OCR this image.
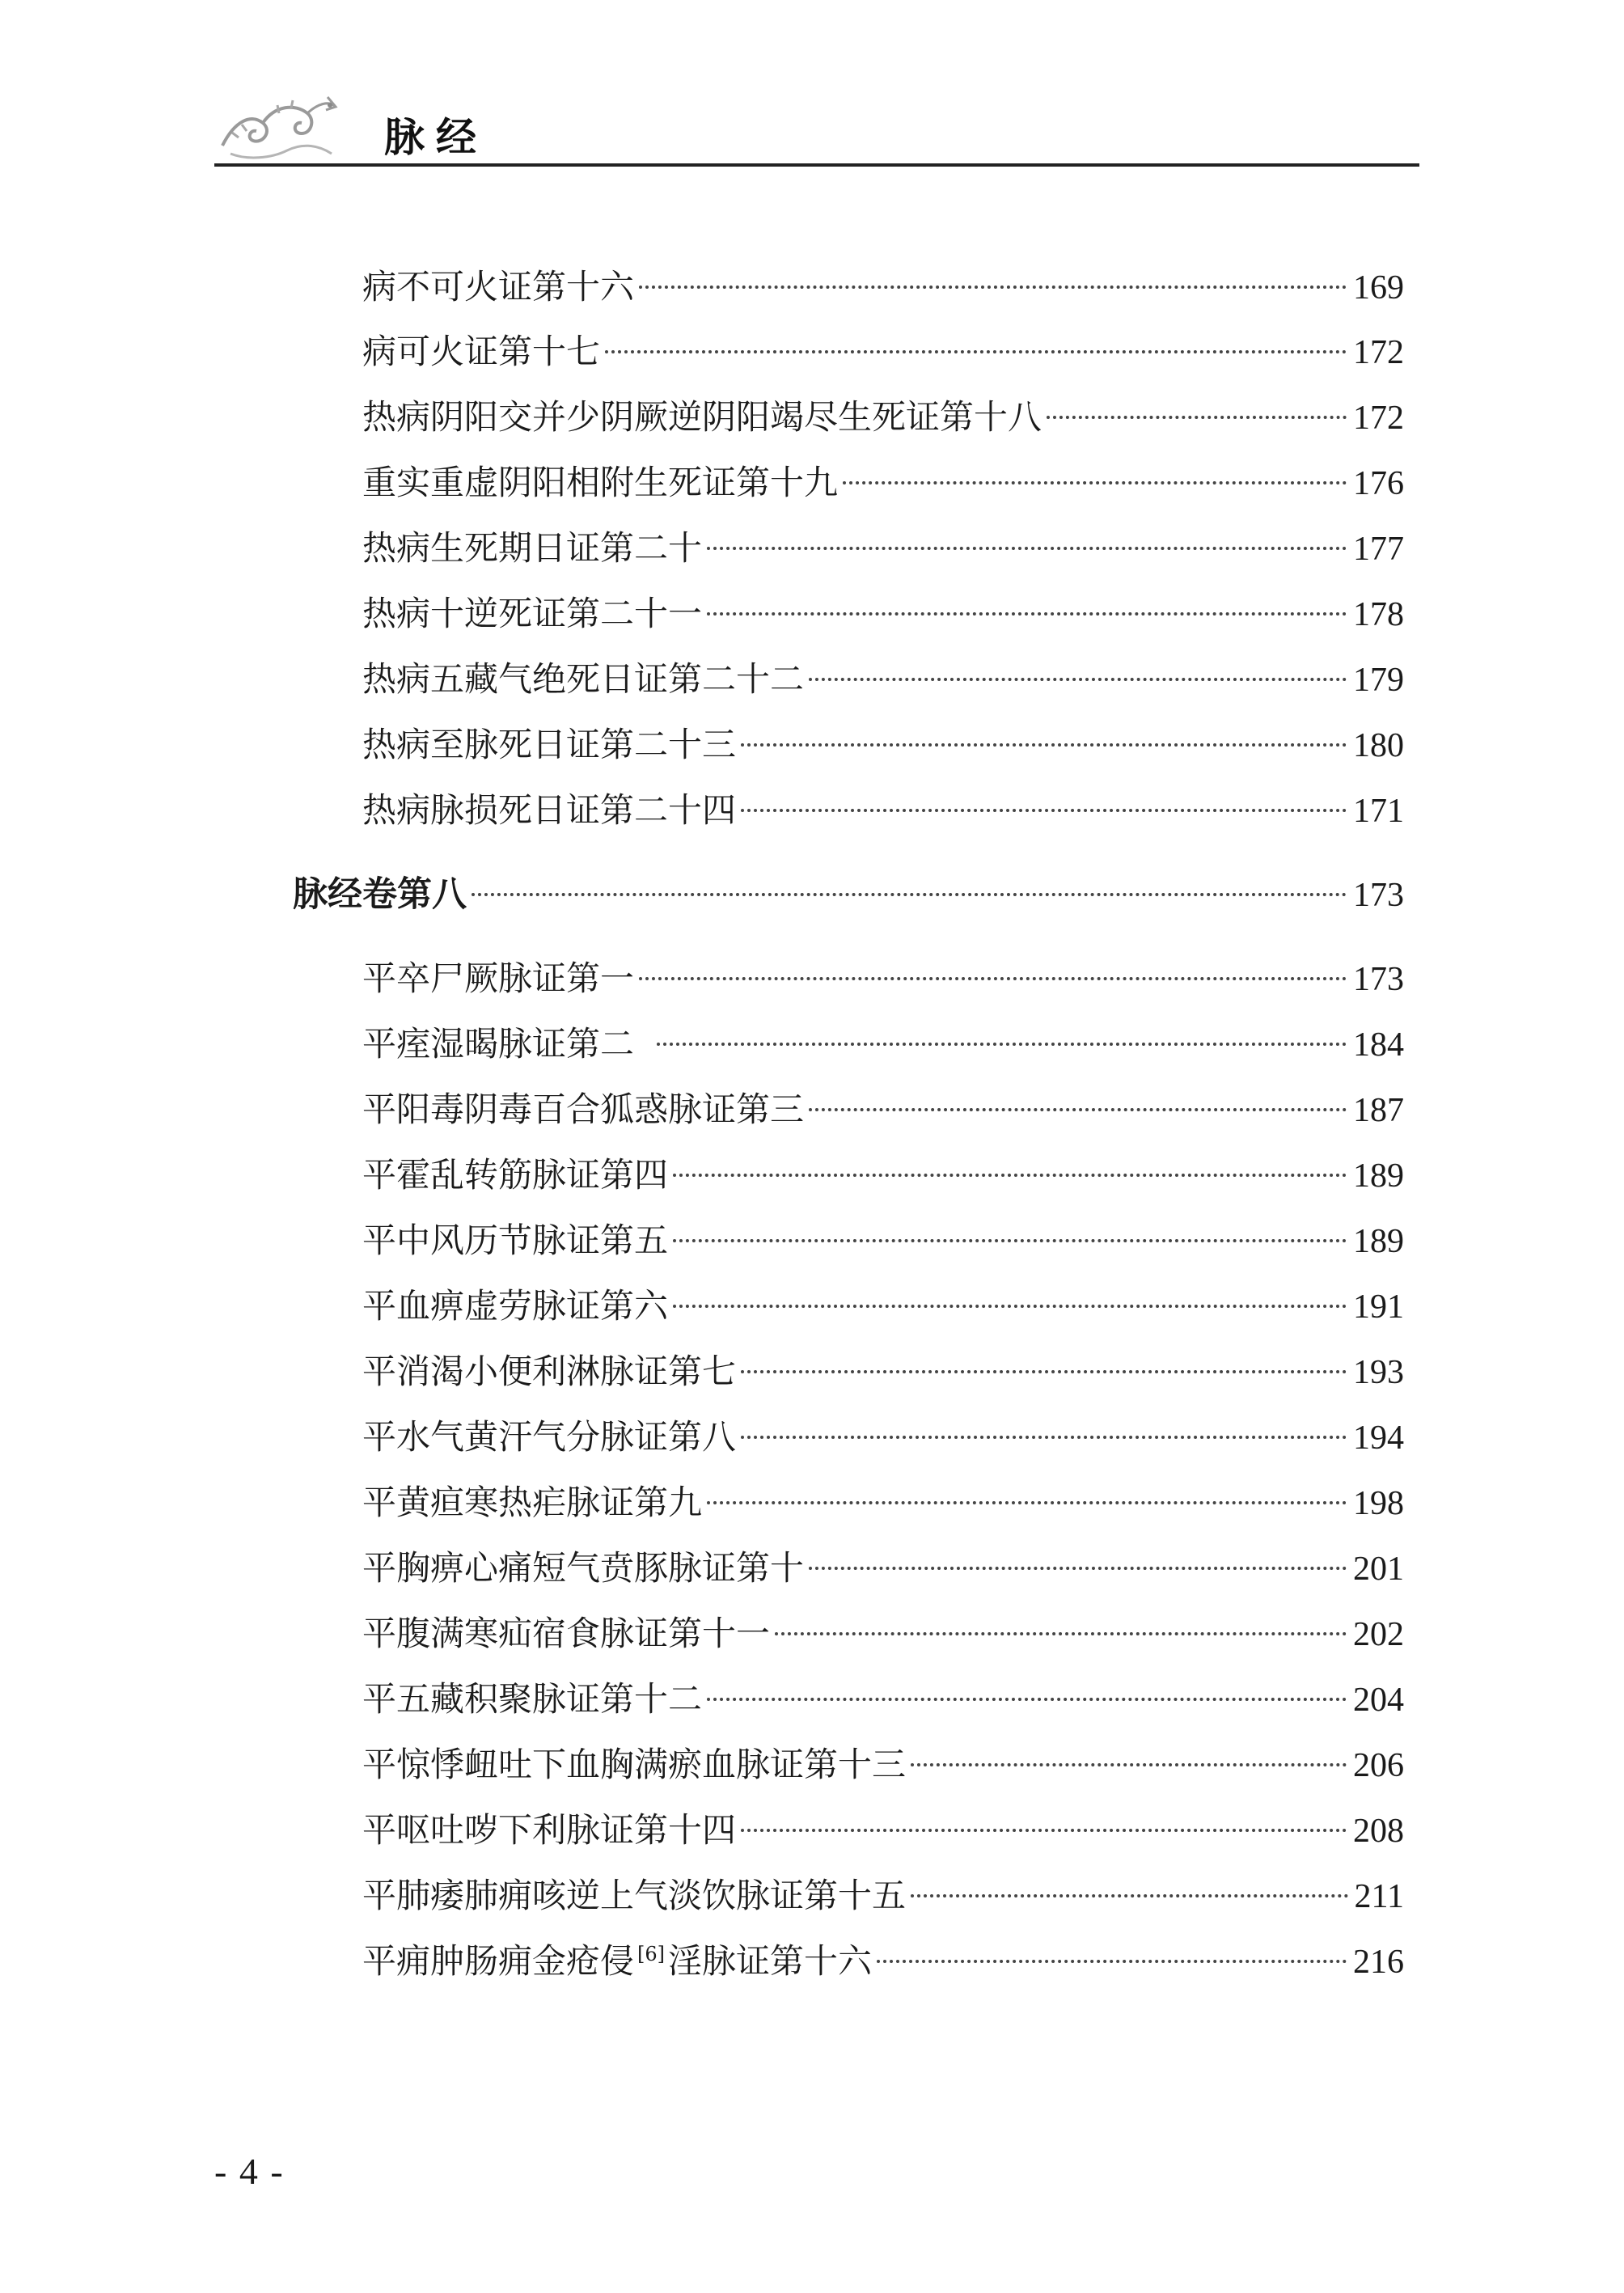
脉经
病不可火证第十六	169
病可火证第十七	172
热病阴阳交并少阴厥逆阴阳竭尽生死证第十八	172
重实重虚阴阳相附生死证第十九	176
热病生死期日证第二十	177
热病十逆死证第二十一	178
热病五藏气绝死日证第二十二	179
热病至脉死日证第二十三	180
热病脉损死日证第二十四	171
脉经卷第八	173
平卒尸厥脉证第一	173
平痓湿暍脉证第二	184
平阳毒阴毒百合狐惑脉证第三	187
平霍乱转筋脉证第四	189
平中风历节脉证第五	189
平血痹虚劳脉证第六	191
平消渴小便利淋脉证第七	193
平水气黄汗气分脉证第八	194
平黄疸寒热疟脉证第九	198
平胸痹心痛短气贲豚脉证第十	201
平腹满寒疝宿食脉证第十一	202
平五藏积聚脉证第十二	204
平惊悸衄吐下血胸满瘀血脉证第十三	206
平呕吐哕下利脉证第十四	208
平肺痿肺痈咳逆上气淡饮脉证第十五	211
平痈肿肠痈金疮侵 [6]淫脉证第十六	216
- 4 -
